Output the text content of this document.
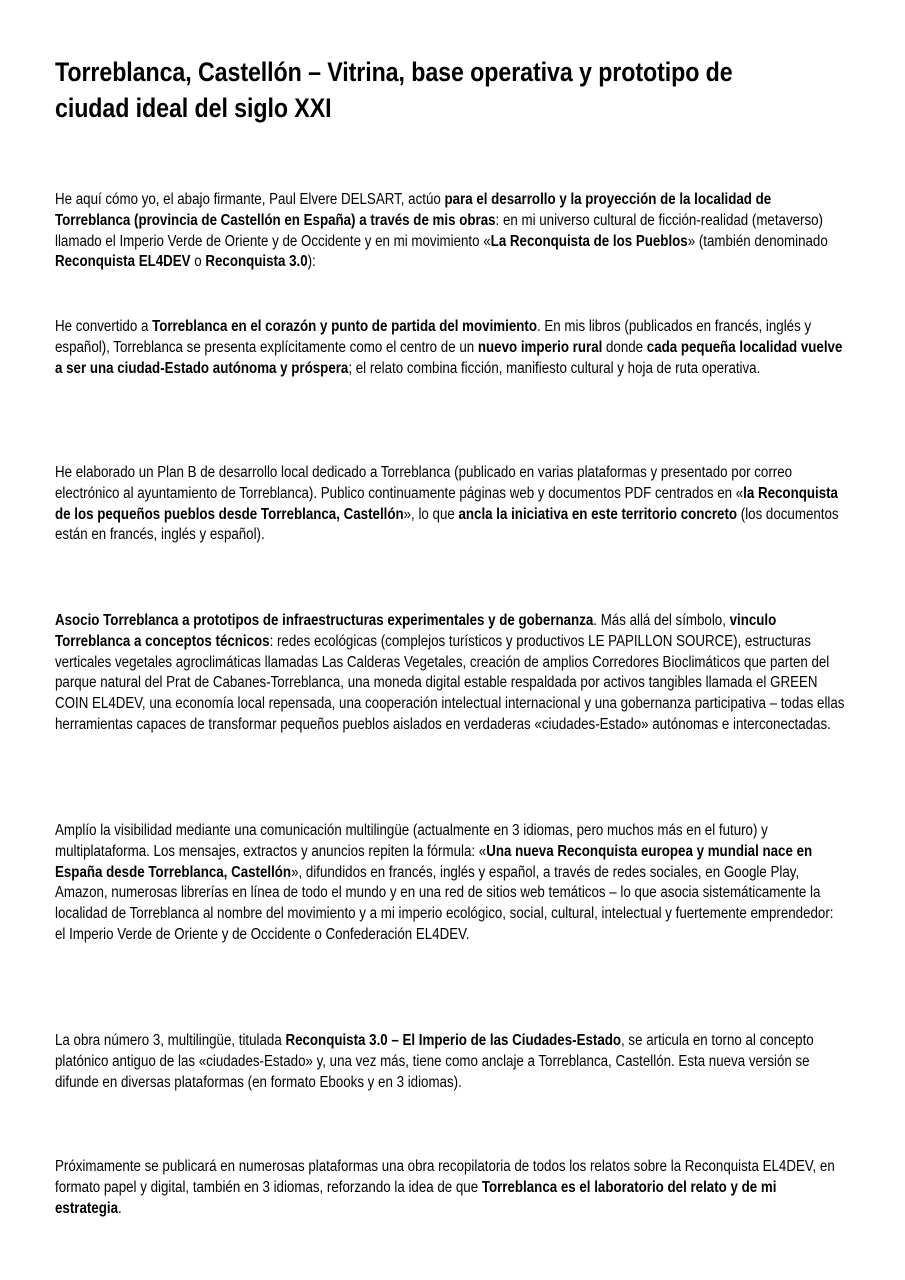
Torreblanca, Castellón – Vitrina, base operativa y prototipo de ciudad ideal del siglo XXI

He aquí cómo yo, el abajo firmante, Paul Elvere DELSART, actúo para el desarrollo y la proyección de la localidad de Torreblanca (provincia de Castellón en España) a través de mis obras: en mi universo cultural de ficción-realidad (metaverso) llamado el Imperio Verde de Oriente y de Occidente y en mi movimiento «La Reconquista de los Pueblos» (también denominado Reconquista EL4DEV o Reconquista 3.0):

He convertido a Torreblanca en el corazón y punto de partida del movimiento. En mis libros (publicados en francés, inglés y español), Torreblanca se presenta explícitamente como el centro de un nuevo imperio rural donde cada pequeña localidad vuelve a ser una ciudad-Estado autónoma y próspera; el relato combina ficción, manifiesto cultural y hoja de ruta operativa.

He elaborado un Plan B de desarrollo local dedicado a Torreblanca (publicado en varias plataformas y presentado por correo electrónico al ayuntamiento de Torreblanca). Publico continuamente páginas web y documentos PDF centrados en «la Reconquista de los pequeños pueblos desde Torreblanca, Castellón», lo que ancla la iniciativa en este territorio concreto (los documentos están en francés, inglés y español).

Asocio Torreblanca a prototipos de infraestructuras experimentales y de gobernanza. Más allá del símbolo, vinculo Torreblanca a conceptos técnicos: redes ecológicas (complejos turísticos y productivos LE PAPILLON SOURCE), estructuras verticales vegetales agroclimáticas llamadas Las Calderas Vegetales, creación de amplios Corredores Bioclimáticos que parten del parque natural del Prat de Cabanes-Torreblanca, una moneda digital estable respaldada por activos tangibles llamada el GREEN COIN EL4DEV, una economía local repensada, una cooperación intelectual internacional y una gobernanza participativa – todas ellas herramientas capaces de transformar pequeños pueblos aislados en verdaderas «ciudades-Estado» autónomas e interconectadas.

Amplío la visibilidad mediante una comunicación multilingüe (actualmente en 3 idiomas, pero muchos más en el futuro) y multiplataforma. Los mensajes, extractos y anuncios repiten la fórmula: «Una nueva Reconquista europea y mundial nace en España desde Torreblanca, Castellón», difundidos en francés, inglés y español, a través de redes sociales, en Google Play, Amazon, numerosas librerías en línea de todo el mundo y en una red de sitios web temáticos – lo que asocia sistemáticamente la localidad de Torreblanca al nombre del movimiento y a mi imperio ecológico, social, cultural, intelectual y fuertemente emprendedor: el Imperio Verde de Oriente y de Occidente o Confederación EL4DEV.

La obra número 3, multilingüe, titulada Reconquista 3.0 – El Imperio de las Ciudades-Estado, se articula en torno al concepto platónico antiguo de las «ciudades-Estado» y, una vez más, tiene como anclaje a Torreblanca, Castellón. Esta nueva versión se difunde en diversas plataformas (en formato Ebooks y en 3 idiomas).

Próximamente se publicará en numerosas plataformas una obra recopilatoria de todos los relatos sobre la Reconquista EL4DEV, en formato papel y digital, también en 3 idiomas, reforzando la idea de que Torreblanca es el laboratorio del relato y de mi estrategia.
